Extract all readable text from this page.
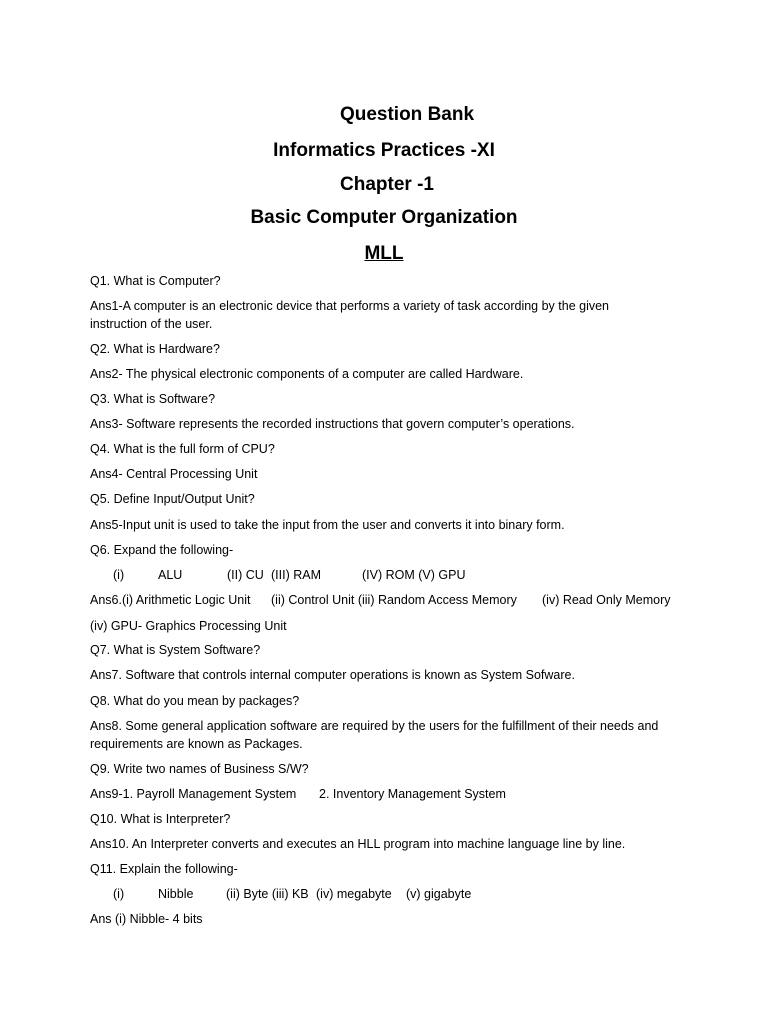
Question Bank
Informatics Practices -XI
Chapter -1
Basic Computer Organization
MLL
Q1. What is Computer?
Ans1-A computer is an electronic device that performs a variety of task according by the given
instruction of the user.
Q2. What is Hardware?
Ans2- The physical electronic components of a computer are called Hardware.
Q3. What is Software?
Ans3- Software represents the recorded instructions that govern computer’s operations.
Q4. What is the full form of CPU?
Ans4- Central Processing Unit
Q5. Define Input/Output Unit?
Ans5-Input unit is used to take the input from the user and converts it into binary form.
Q6. Expand the following-
(i)	ALU	(II) CU (III) RAM	(IV) ROM (V) GPU
Ans6.(i) Arithmetic Logic Unit (ii) Control Unit (iii) Random Access Memory (iv) Read Only Memory
(iv) GPU- Graphics Processing Unit
Q7. What is System Software?
Ans7. Software that controls internal computer operations is known as System Sofware.
Q8. What do you mean by packages?
Ans8. Some general application software are required by the users for the fulfillment of their needs and
requirements are known as Packages.
Q9. Write two names of Business S/W?
Ans9-1. Payroll Management System 2. Inventory Management System
Q10. What is Interpreter?
Ans10. An Interpreter converts and executes an HLL program into machine language line by line.
Q11. Explain the following-
(i)	Nibble	(ii) Byte (iii) KB (iv) megabyte (v) gigabyte
Ans (i) Nibble- 4 bits
